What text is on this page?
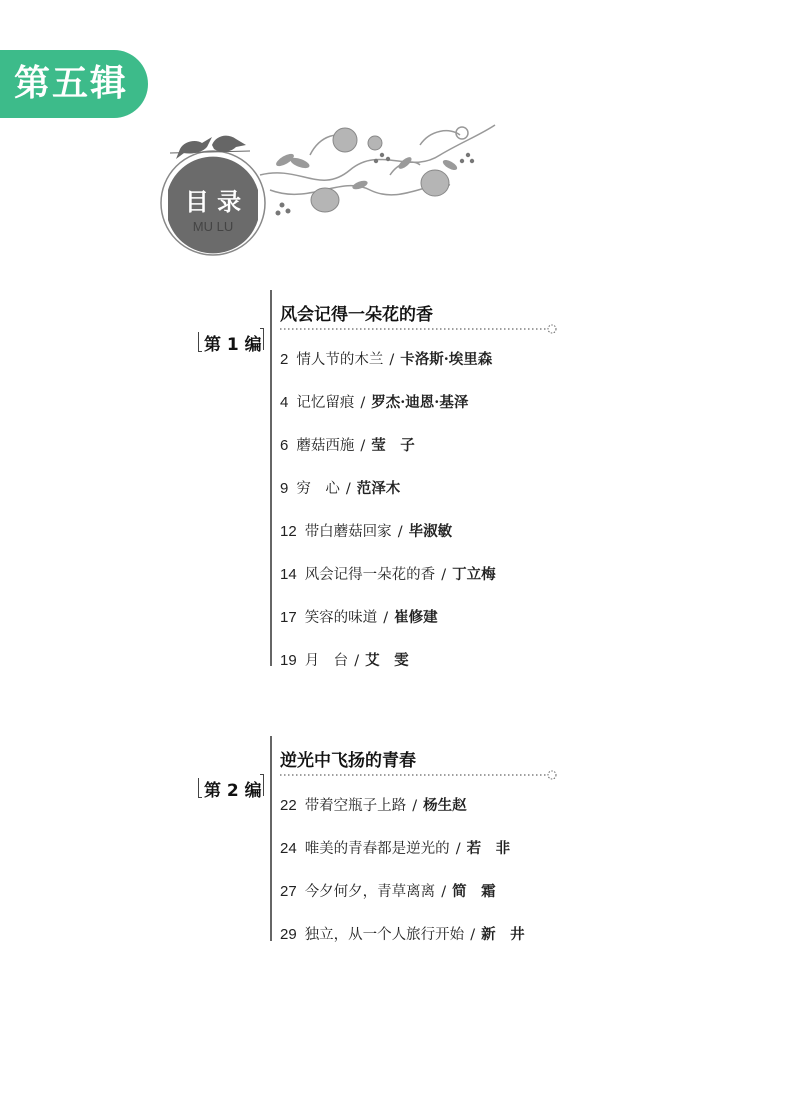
第五辑
目 录
MU LU
风会记得一朵花的香
第 1 编
2 情人节的木兰 / 卡洛斯·埃里森
4 记忆留痕 / 罗杰·迪恩·基泽
6 蘑菇西施 / 莹　子
9 穷　心 / 范泽木
12 带白蘑菇回家 / 毕淑敏
14 风会记得一朵花的香 / 丁立梅
17 笑容的味道 / 崔修建
19 月　台 / 艾　雯
逆光中飞扬的青春
第 2 编
22 带着空瓶子上路 / 杨生赵
24 唯美的青春都是逆光的 / 若　非
27 今夕何夕，青草离离 / 简　霜
29 独立，从一个人旅行开始 / 新　井
